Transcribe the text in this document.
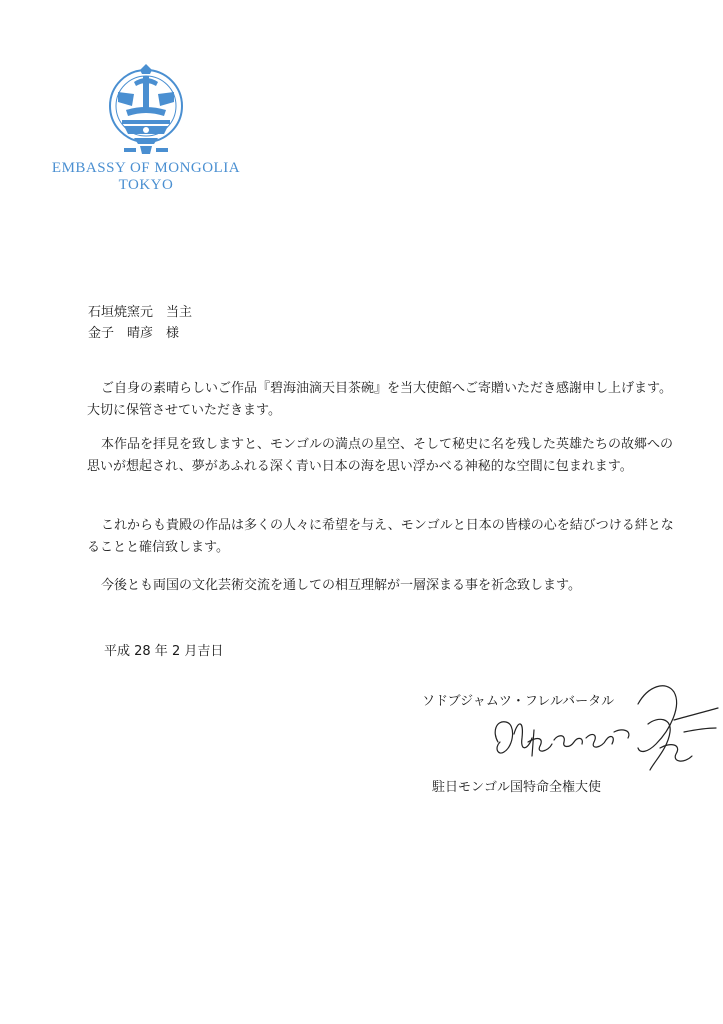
EMBASSY OF MONGOLIA
TOKYO
石垣焼窯元　当主
金子　晴彦　様

ご自身の素晴らしいご作品『碧海油滴天目茶碗』を当大使館へご寄贈いただき感謝申し上げます。大切に保管させていただきます。

本作品を拝見を致しますと、モンゴルの満点の星空、そして秘史に名を残した英雄たちの故郷への思いが想起され、夢があふれる深く青い日本の海を思い浮かべる神秘的な空間に包まれます。

これからも貴殿の作品は多くの人々に希望を与え、モンゴルと日本の皆様の心を結びつける絆となることと確信致します。

今後とも両国の文化芸術交流を通しての相互理解が一層深まる事を祈念致します。

平成 28 年 2 月吉日
ソドブジャムツ・フレルバータル
駐日モンゴル国特命全権大使
